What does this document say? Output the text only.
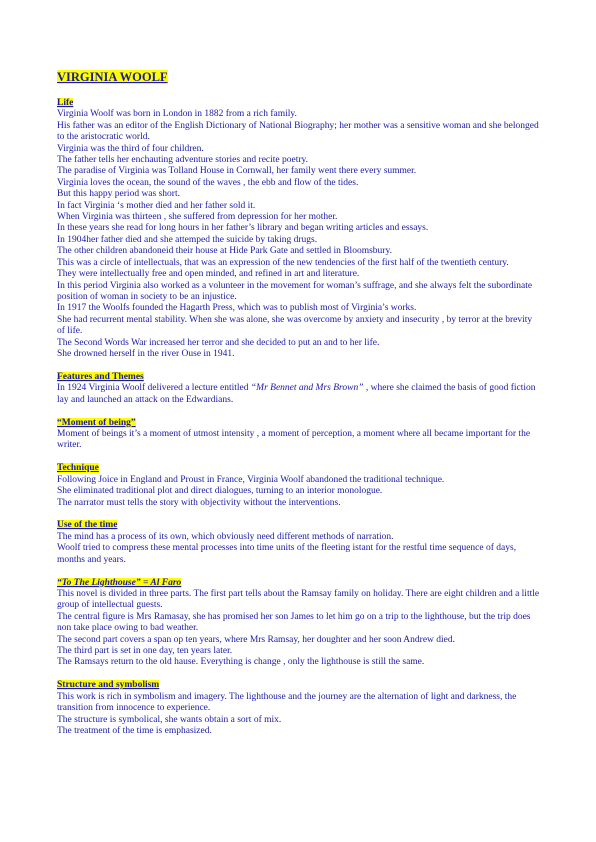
VIRGINIA WOOLF

Life

Virginia Woolf was born in London in 1882 from a rich family.

His father was an editor of the English Dictionary of National Biography; her mother was a sensitive woman and she belonged to the aristocratic world.

Virginia was the third of four children.

The father tells her enchauting adventure stories and recite poetry.

The paradise of Virginia was Tolland House in Cornwall, her family went there every summer.

Virginia loves the ocean, the sound of the waves , the ebb and flow of the tides.

But this happy period was short.

In fact Virginia ‘s mother died and her father sold it.

When Virginia was thirteen , she suffered from depression for her mother.

In these years she read for long hours in her father’s library and began writing articles and essays.

In 1904her father died and she attemped the suicide by taking drugs.

The other children abandoneid their house at Hide Park Gate and settled in Bloomsbury.

This was a circle of intellectuals, that was an expression of the new tendencies of the first half of the twentieth century.

They were intellectually free and open minded, and refined in art and literature.

In this period Virginia also worked as a volunteer in the movement for woman’s suffrage, and she always felt the subordinate position of woman in society to be an injustice.

In 1917 the Woolfs founded the Hagarth Press, which was to publish most of Virginia’s works.

She had recurrent mental stability. When she was alone, she was overcome by anxiety and insecurity , by terror at the brevity of life.

The Second Words War increased her terror and she decided to put an and to her life.

She drowned herself in the river Ouse in 1941.

Features and Themes

In 1924 Virginia Woolf delivered a lecture entitled “Mr Bennet and Mrs Brown” , where she claimed the basis of good fiction lay and launched an attack on the Edwardians.

“Moment of being”

Moment of beings it’s a moment of utmost intensity , a moment of perception, a moment where all became important for the writer.

Technique

Following Joice in England and Proust in France, Virginia Woolf abandoned the traditional technique.

She eliminated traditional plot and direct dialogues, turning to an interior monologue.

The narrator must tells the story with objectivity without the interventions.

Use of the time

The mind has a process of its own, which obviously need different methods of narration.

Woolf tried to compress these mental processes into time units of the fleeting istant for the restful time sequence of days, months and years.

“To The Lighthouse” = Al Faro

This novel is divided in three parts. The first part tells about the Ramsay family on holiday. There are eight children and a little group of intellectual guests.

The central figure is Mrs Ramasay, she has promised her son James to let him go on a trip to the lighthouse, but the trip does non take place owing to bad weather.

The second part covers a span op ten years, where Mrs Ramsay, her doughter and her soon Andrew died.

The third part is set in one day, ten years later.

The Ramsays return to the old hause. Everything is change , only the lighthouse is still the same.

Structure and symbolism

This work is rich in symbolism and imagery. The lighthouse and the journey are the alternation of light and darkness, the transition from innocence to experience.

The structure is symbolical, she wants obtain a sort of mix.

The treatment of the time is emphasized.
